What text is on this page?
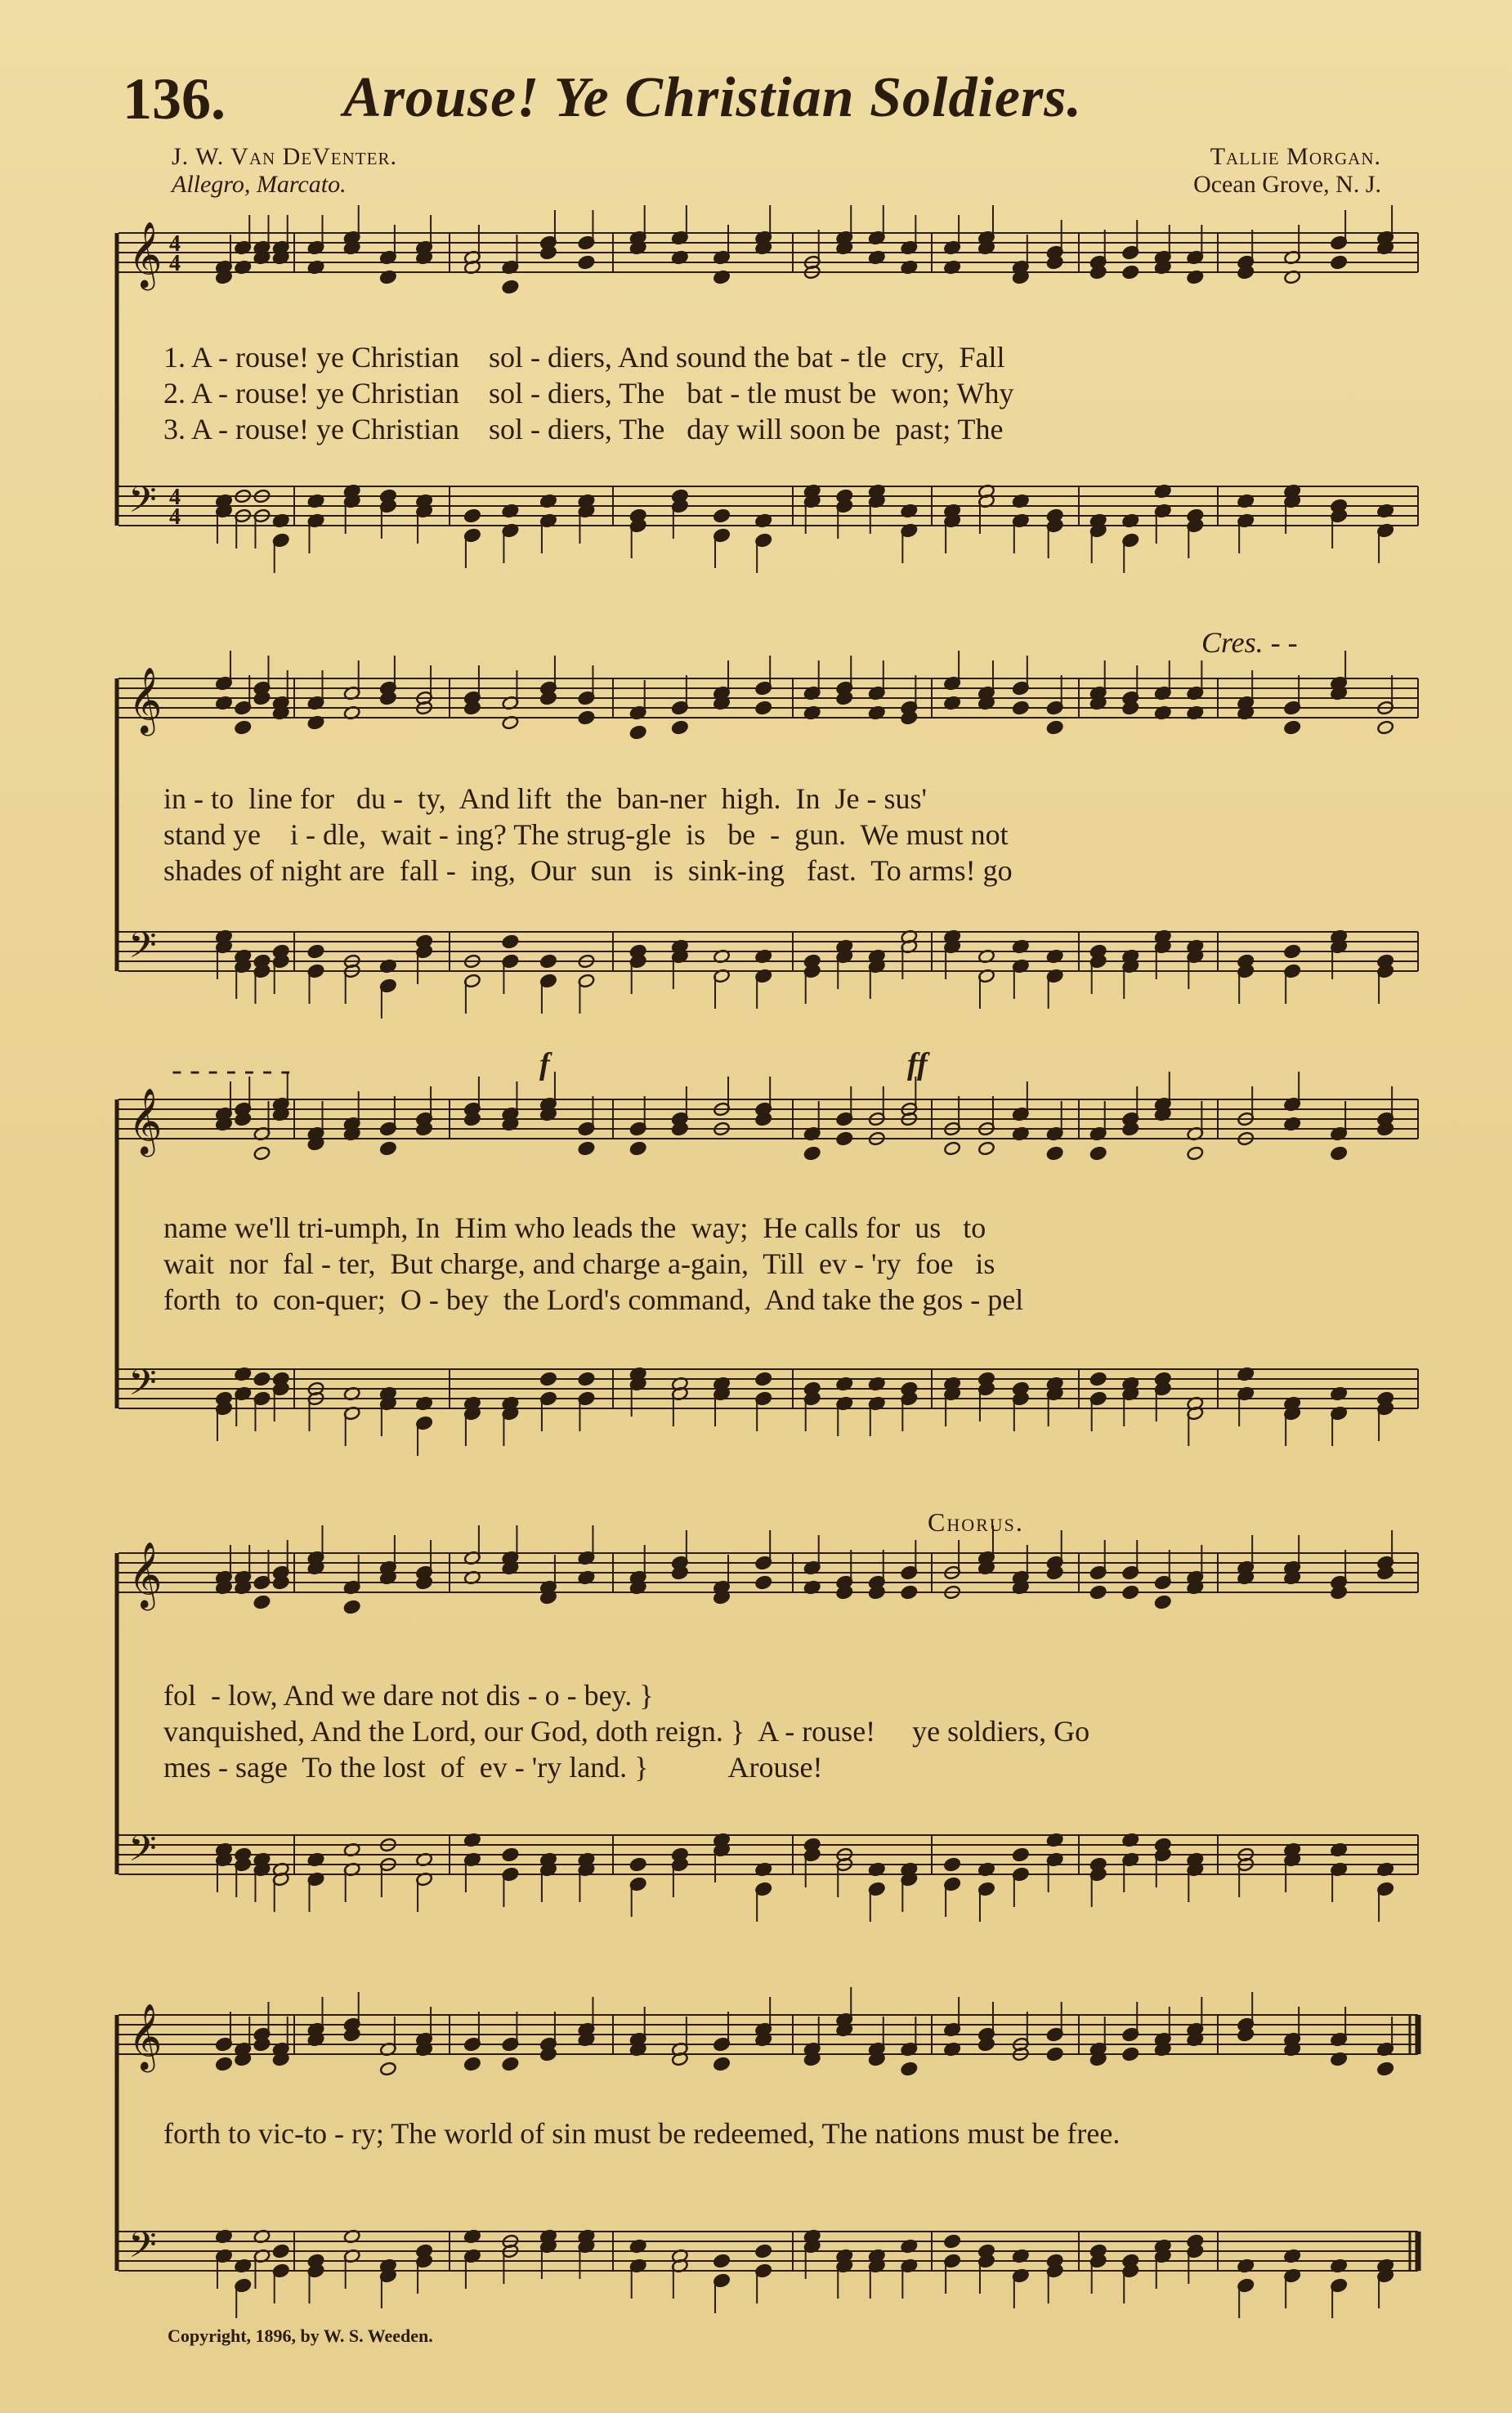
136. Arouse! Ye Christian Soldiers.
J. W. Van DeVenter.
Allegro, Marcato.
Tallie Morgan.
Ocean Grove, N. J.
𝄞
𝄢
4
4
4
4
1. A - rouse! ye Christian    sol - diers, And sound the bat - tle  cry,  Fall
2. A - rouse! ye Christian    sol - diers, The   bat - tle must be  won; Why
3. A - rouse! ye Christian    sol - diers, The   day will soon be  past; The
Cres. - -
𝄞
𝄢
in - to  line for   du -  ty,  And lift  the  ban-ner  high.  In  Je - sus'
stand ye    i - dle,  wait - ing? The strug-gle  is   be  -  gun.  We must not
shades of night are  fall -  ing,  Our  sun   is  sink-ing   fast.  To arms! go
- - - - - - -	f	ff
𝄞
𝄢
name we'll tri-umph, In  Him who leads the  way;  He calls for  us   to
wait  nor  fal - ter,  But charge, and charge a-gain,  Till  ev - 'ry  foe   is
forth  to  con-quer;  O - bey  the Lord's command,  And take the gos - pel
Chorus.
𝄞
𝄢
fol  - low, And we dare not dis - o - bey. }
vanquished, And the Lord, our God, doth reign. }  A - rouse!     ye soldiers, Go
mes - sage  To the lost  of  ev - 'ry land. }           Arouse!
𝄞
𝄢
forth to vic-to - ry; The world of sin must be redeemed, The nations must be free.
Copyright, 1896, by W. S. Weeden.
